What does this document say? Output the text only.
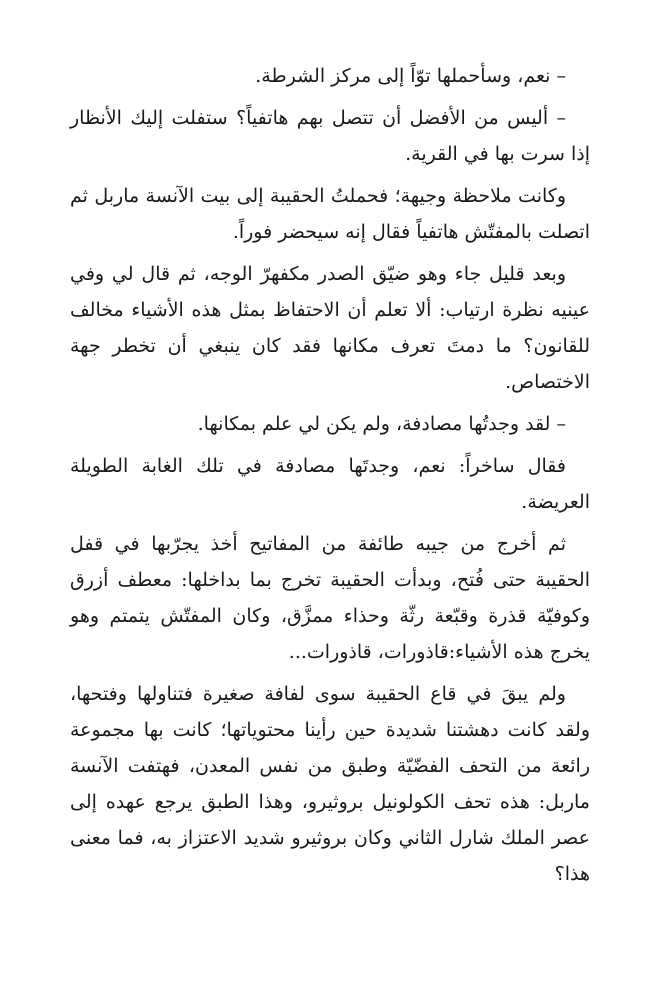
– نعم، وسأحملها توّاً إلى مركز الشرطة.

– أليس من الأفضل أن تتصل بهم هاتفياً؟ ستفلت إليك الأنظار إذا سرت بها في القرية.

وكانت ملاحظة وجيهة؛ فحملتُ الحقيبة إلى بيت الآنسة ماربل ثم اتصلت بالمفتّش هاتفياً فقال إنه سيحضر فوراً.

وبعد قليل جاء وهو ضيّق الصدر مكفهرّ الوجه، ثم قال لي وفي عينيه نظرة ارتياب: ألا تعلم أن الاحتفاظ بمثل هذه الأشياء مخالف للقانون؟ ما دمتَ تعرف مكانها فقد كان ينبغي أن تخطر جهة الاختصاص.

– لقد وجدتُها مصادفة، ولم يكن لي علم بمكانها.

فقال ساخراً: نعم، وجدتَها مصادفة في تلك الغابة الطويلة العريضة.

ثم أخرج من جيبه طائفة من المفاتيح أخذ يجرّبها في قفل الحقيبة حتى فُتح، وبدأت الحقيبة تخرج بما بداخلها: معطف أزرق وكوفيّة قذرة وقبّعة رثّة وحذاء ممزَّق، وكان المفتّش يتمتم وهو يخرج هذه الأشياء:قاذورات، قاذورات...

ولم يبقَ في قاع الحقيبة سوى لفافة صغيرة فتناولها وفتحها، ولقد كانت دهشتنا شديدة حين رأينا محتوياتها؛ كانت بها مجموعة رائعة من التحف الفضّيّة وطبق من نفس المعدن، فهتفت الآنسة ماربل: هذه تحف الكولونيل بروثيرو، وهذا الطبق يرجع عهده إلى عصر الملك شارل الثاني وكان بروثيرو شديد الاعتزاز به، فما معنى هذا؟
